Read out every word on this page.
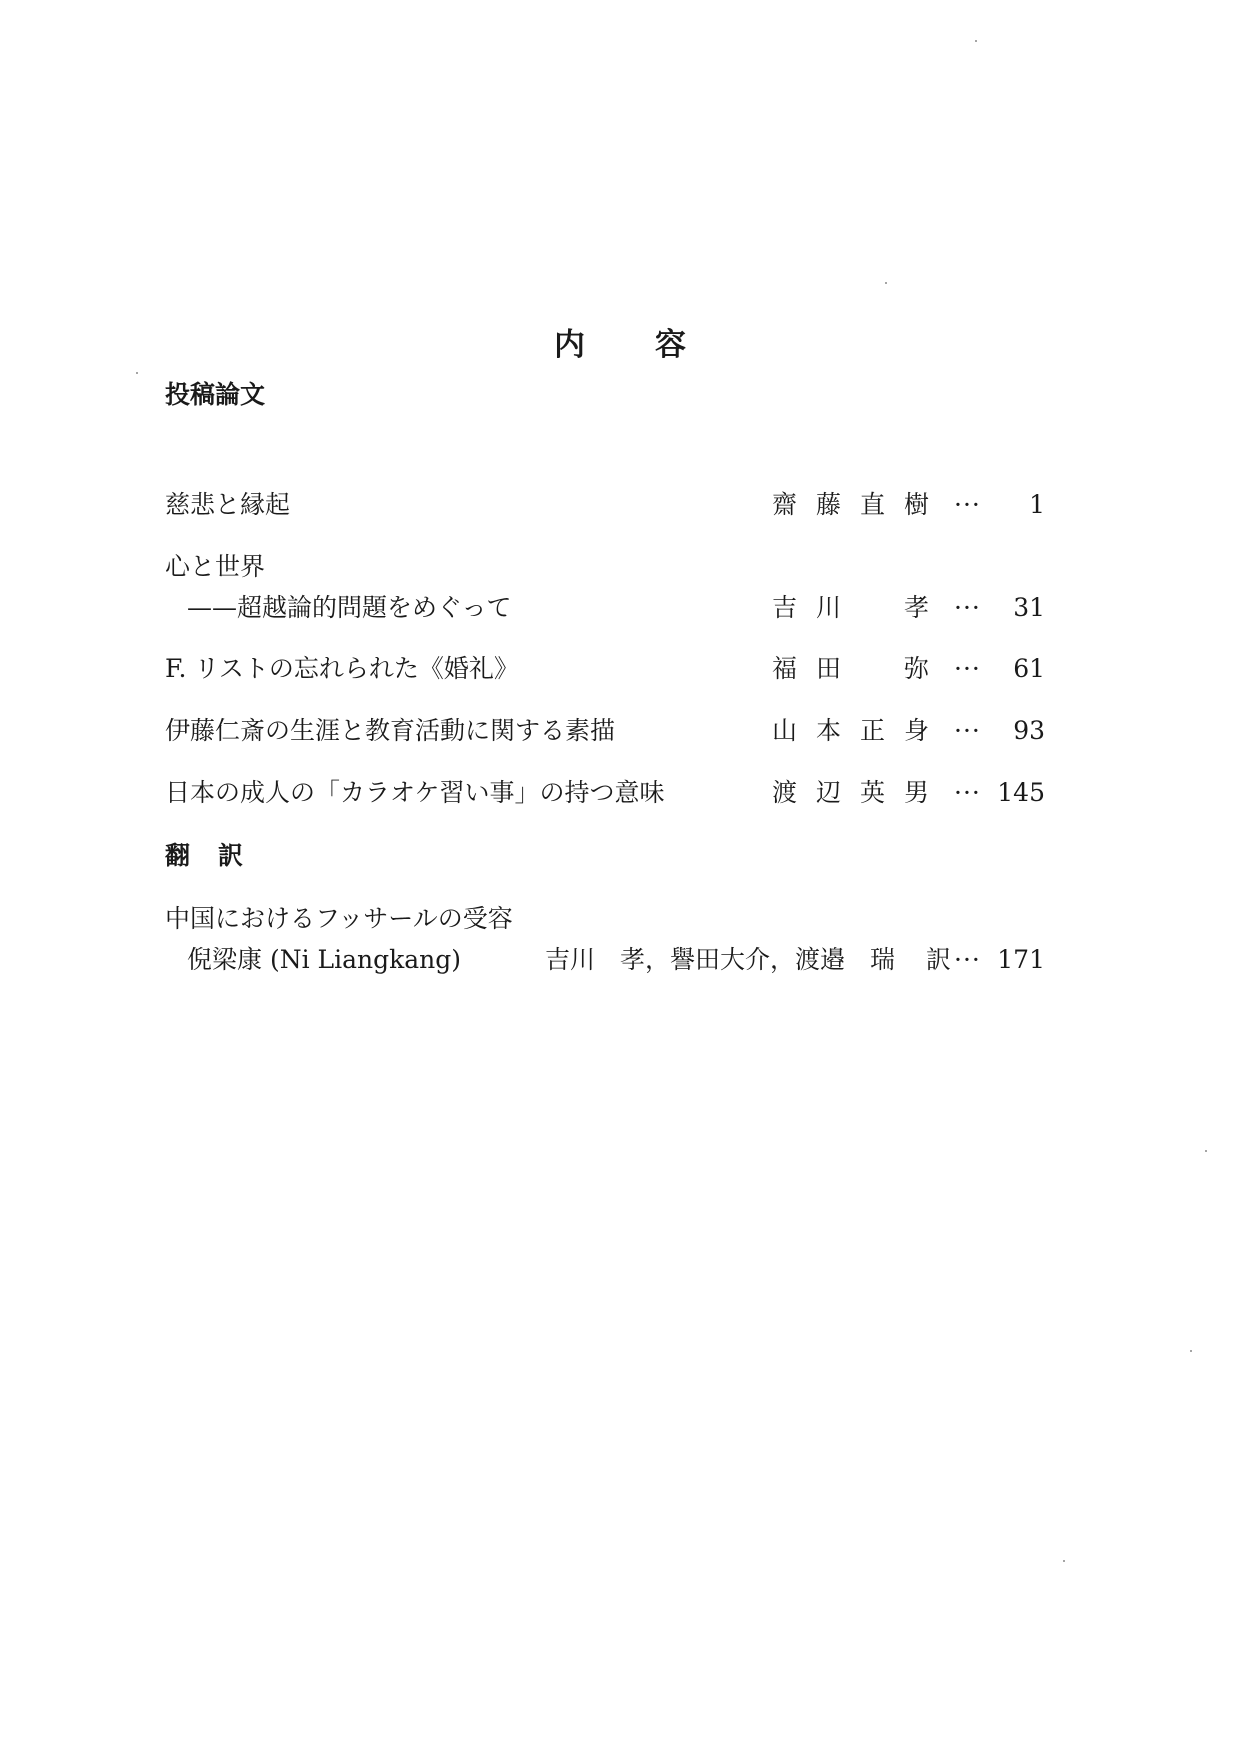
内容
投稿論文
慈悲と縁起	齋藤直樹 ··· 1
心と世界
——超越論的問題をめぐって	吉川　孝 ··· 31
F. リストの忘れられた《婚礼》	福田　弥 ··· 61
伊藤仁斎の生涯と教育活動に関する素描	山本正身 ··· 93
日本の成人の「カラオケ習い事」の持つ意味	渡辺英男 ··· 145
翻訳
中国におけるフッサールの受容
倪梁康 (Ni Liangkang)	吉川　孝，譽田大介，渡邉　瑞 訳 ··· 171
